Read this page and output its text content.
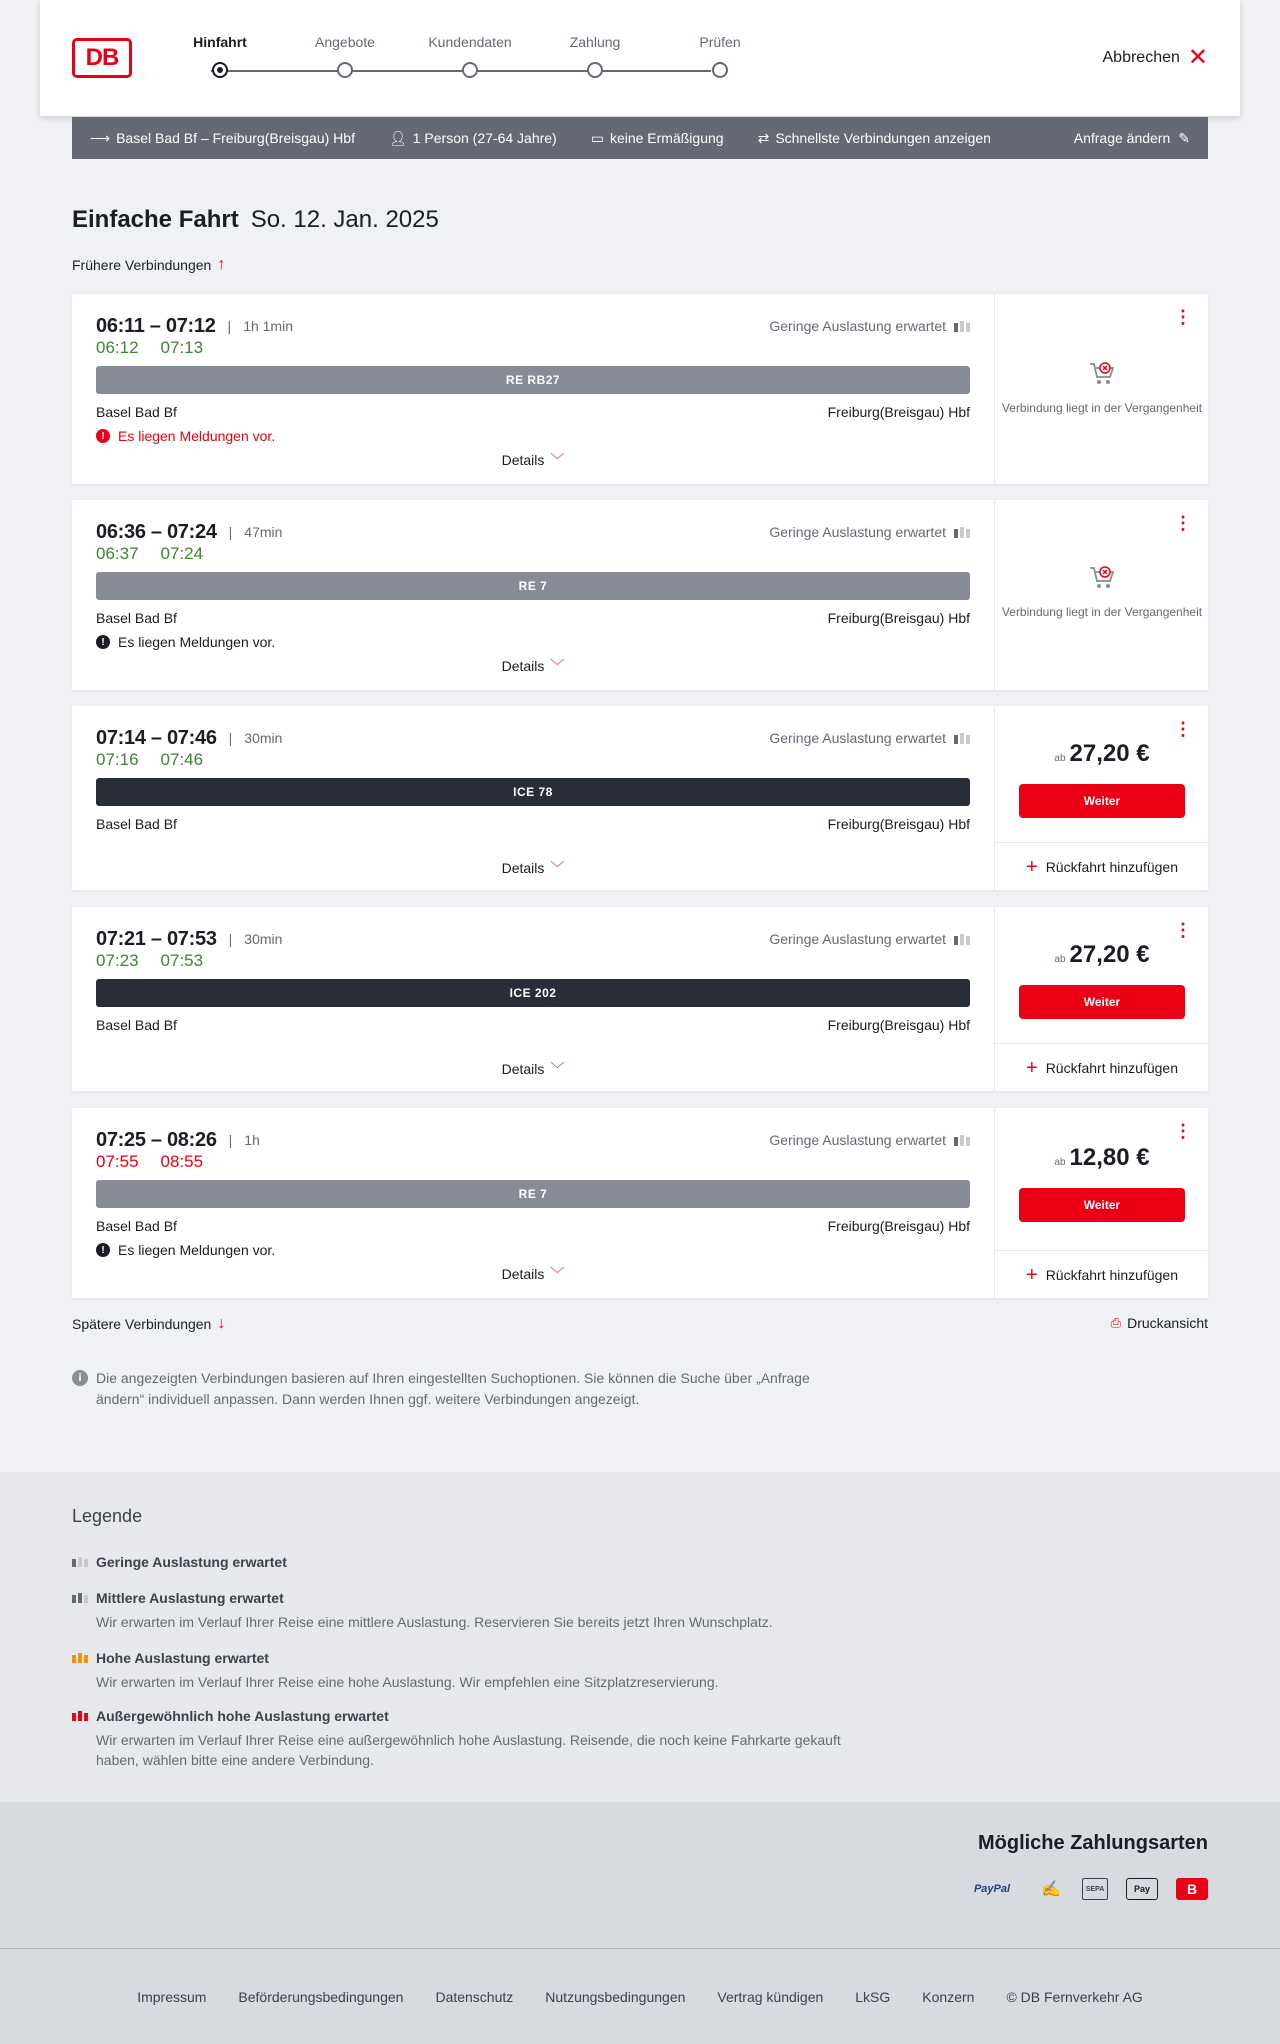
DB
Hinfahrt	Angebote	Kundendaten	Zahlung	Prüfen
Abbrechen ✕
⟶ Basel Bad Bf – Freiburg(Breisgau) Hbf 👤︎ 1 Person (27-64 Jahre) ▭ keine Ermäßigung ⇄ Schnellste Verbindungen anzeigen	Anfrage ändern ✎
Einfache Fahrt So. 12. Jan. 2025
Frühere Verbindungen ↑
06:11 – 07:12 | 1h 1min	Geringe Auslastung erwartet
06:12 07:13
RE RB27
Basel Bad Bf	Freiburg(Breisgau) Hbf
! Es liegen Meldungen vor.
Details ﹀
⋮
Verbindung liegt in der Vergangenheit
06:36 – 07:24 | 47min	Geringe Auslastung erwartet
06:37 07:24
RE 7
Basel Bad Bf	Freiburg(Breisgau) Hbf
! Es liegen Meldungen vor.
Details ﹀
⋮
Verbindung liegt in der Vergangenheit
07:14 – 07:46 | 30min	Geringe Auslastung erwartet
07:16 07:46
ICE 78
Basel Bad Bf	Freiburg(Breisgau) Hbf
Details ﹀
⋮
ab 27,20 €
Weiter
+ Rückfahrt hinzufügen
07:21 – 07:53 | 30min	Geringe Auslastung erwartet
07:23 07:53
ICE 202
Basel Bad Bf	Freiburg(Breisgau) Hbf
Details ﹀
⋮
ab 27,20 €
Weiter
+ Rückfahrt hinzufügen
07:25 – 08:26 | 1h	Geringe Auslastung erwartet
07:55 08:55
RE 7
Basel Bad Bf	Freiburg(Breisgau) Hbf
! Es liegen Meldungen vor.
Details ﹀
⋮
ab 12,80 €
Weiter
+ Rückfahrt hinzufügen
Spätere Verbindungen ↓	⎙ Druckansicht
i	Die angezeigten Verbindungen basieren auf Ihren eingestellten Suchoptionen. Sie können die Suche über „Anfrage ändern“ individuell anpassen. Dann werden Ihnen ggf. weitere Verbindungen angezeigt.
Legende
Geringe Auslastung erwartet
Mittlere Auslastung erwartet
Wir erwarten im Verlauf Ihrer Reise eine mittlere Auslastung. Reservieren Sie bereits jetzt Ihren Wunschplatz.
Hohe Auslastung erwartet
Wir erwarten im Verlauf Ihrer Reise eine hohe Auslastung. Wir empfehlen eine Sitzplatzreservierung.
Außergewöhnlich hohe Auslastung erwartet
Wir erwarten im Verlauf Ihrer Reise eine außergewöhnlich hohe Auslastung. Reisende, die noch keine Fahrkarte gekauft haben, wählen bitte eine andere Verbindung.
Mögliche Zahlungsarten
PayPal	✍	SEPA	Pay	B
Impressum Beförderungsbedingungen Datenschutz Nutzungsbedingungen Vertrag kündigen LkSG Konzern © DB Fernverkehr AG
